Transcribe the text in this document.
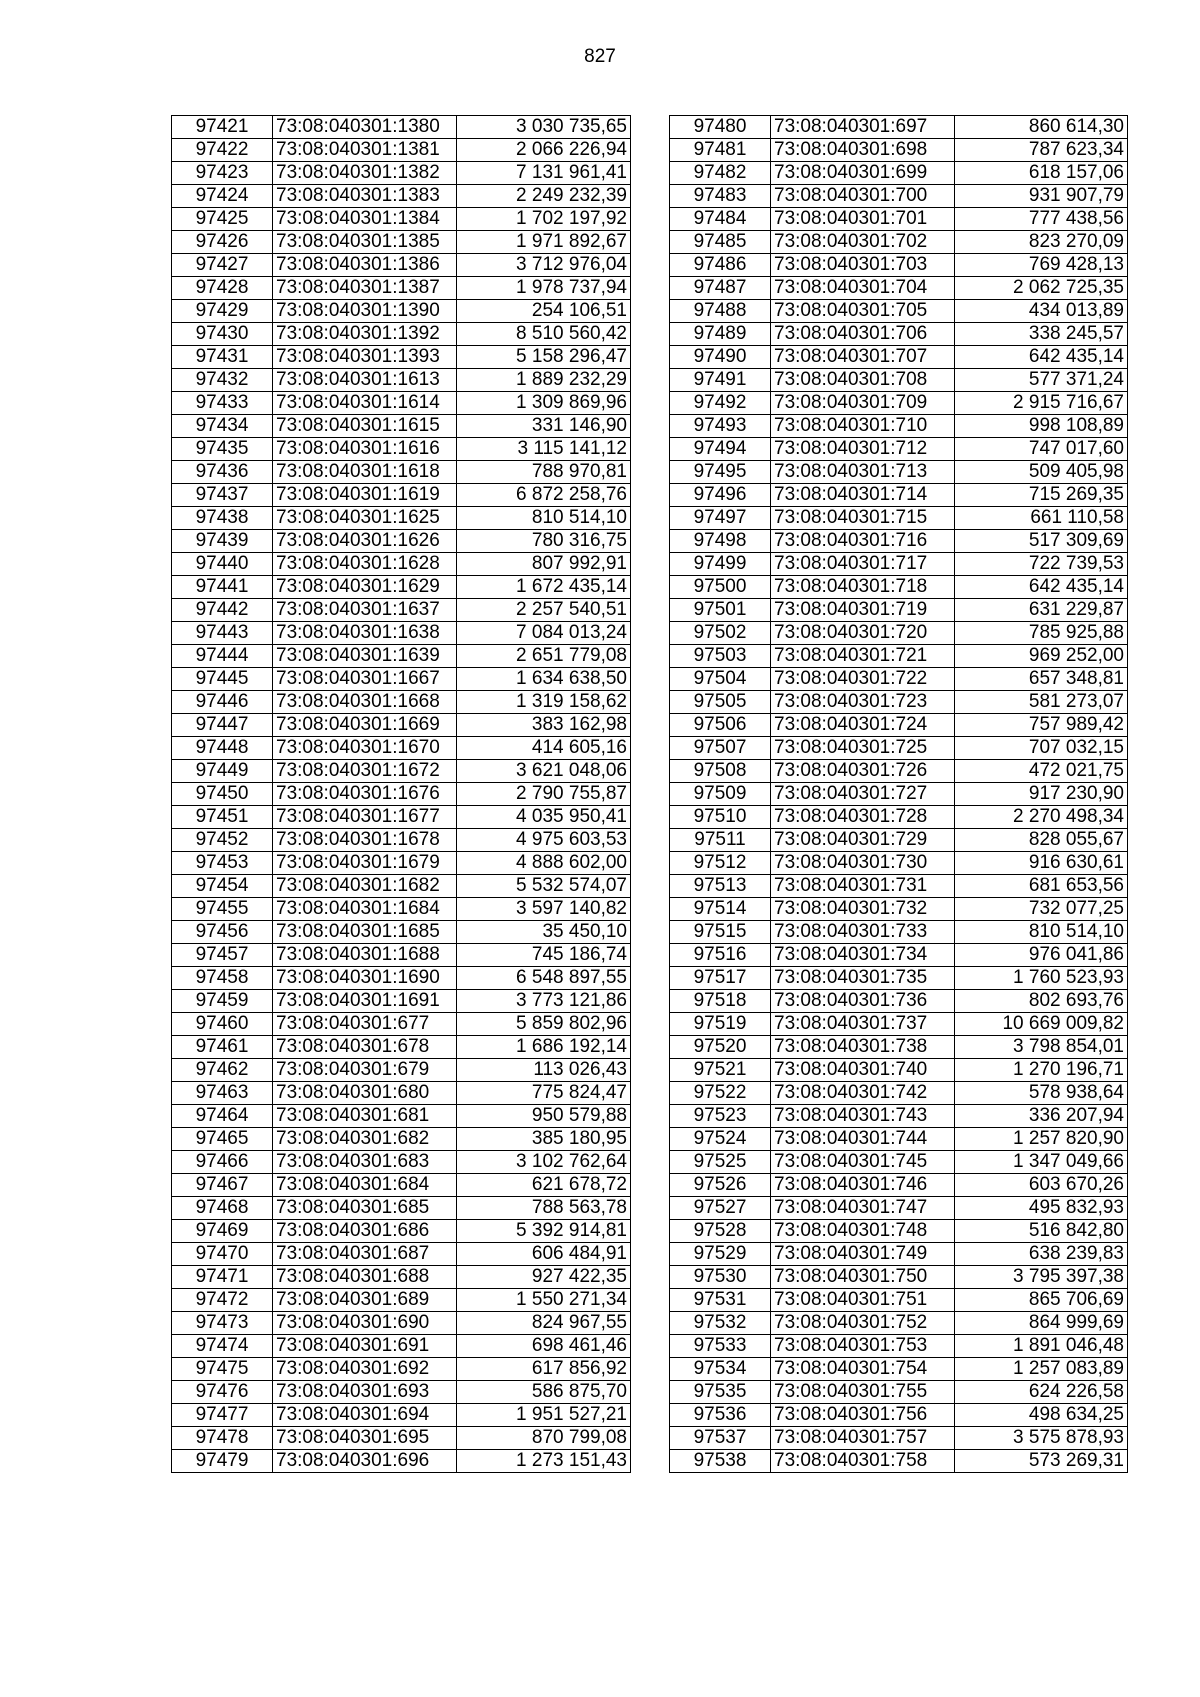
827
97421	73:08:040301:1380	3 030 735,65
97422	73:08:040301:1381	2 066 226,94
97423	73:08:040301:1382	7 131 961,41
97424	73:08:040301:1383	2 249 232,39
97425	73:08:040301:1384	1 702 197,92
97426	73:08:040301:1385	1 971 892,67
97427	73:08:040301:1386	3 712 976,04
97428	73:08:040301:1387	1 978 737,94
97429	73:08:040301:1390	254 106,51
97430	73:08:040301:1392	8 510 560,42
97431	73:08:040301:1393	5 158 296,47
97432	73:08:040301:1613	1 889 232,29
97433	73:08:040301:1614	1 309 869,96
97434	73:08:040301:1615	331 146,90
97435	73:08:040301:1616	3 115 141,12
97436	73:08:040301:1618	788 970,81
97437	73:08:040301:1619	6 872 258,76
97438	73:08:040301:1625	810 514,10
97439	73:08:040301:1626	780 316,75
97440	73:08:040301:1628	807 992,91
97441	73:08:040301:1629	1 672 435,14
97442	73:08:040301:1637	2 257 540,51
97443	73:08:040301:1638	7 084 013,24
97444	73:08:040301:1639	2 651 779,08
97445	73:08:040301:1667	1 634 638,50
97446	73:08:040301:1668	1 319 158,62
97447	73:08:040301:1669	383 162,98
97448	73:08:040301:1670	414 605,16
97449	73:08:040301:1672	3 621 048,06
97450	73:08:040301:1676	2 790 755,87
97451	73:08:040301:1677	4 035 950,41
97452	73:08:040301:1678	4 975 603,53
97453	73:08:040301:1679	4 888 602,00
97454	73:08:040301:1682	5 532 574,07
97455	73:08:040301:1684	3 597 140,82
97456	73:08:040301:1685	35 450,10
97457	73:08:040301:1688	745 186,74
97458	73:08:040301:1690	6 548 897,55
97459	73:08:040301:1691	3 773 121,86
97460	73:08:040301:677	5 859 802,96
97461	73:08:040301:678	1 686 192,14
97462	73:08:040301:679	113 026,43
97463	73:08:040301:680	775 824,47
97464	73:08:040301:681	950 579,88
97465	73:08:040301:682	385 180,95
97466	73:08:040301:683	3 102 762,64
97467	73:08:040301:684	621 678,72
97468	73:08:040301:685	788 563,78
97469	73:08:040301:686	5 392 914,81
97470	73:08:040301:687	606 484,91
97471	73:08:040301:688	927 422,35
97472	73:08:040301:689	1 550 271,34
97473	73:08:040301:690	824 967,55
97474	73:08:040301:691	698 461,46
97475	73:08:040301:692	617 856,92
97476	73:08:040301:693	586 875,70
97477	73:08:040301:694	1 951 527,21
97478	73:08:040301:695	870 799,08
97479	73:08:040301:696	1 273 151,43
97480	73:08:040301:697	860 614,30
97481	73:08:040301:698	787 623,34
97482	73:08:040301:699	618 157,06
97483	73:08:040301:700	931 907,79
97484	73:08:040301:701	777 438,56
97485	73:08:040301:702	823 270,09
97486	73:08:040301:703	769 428,13
97487	73:08:040301:704	2 062 725,35
97488	73:08:040301:705	434 013,89
97489	73:08:040301:706	338 245,57
97490	73:08:040301:707	642 435,14
97491	73:08:040301:708	577 371,24
97492	73:08:040301:709	2 915 716,67
97493	73:08:040301:710	998 108,89
97494	73:08:040301:712	747 017,60
97495	73:08:040301:713	509 405,98
97496	73:08:040301:714	715 269,35
97497	73:08:040301:715	661 110,58
97498	73:08:040301:716	517 309,69
97499	73:08:040301:717	722 739,53
97500	73:08:040301:718	642 435,14
97501	73:08:040301:719	631 229,87
97502	73:08:040301:720	785 925,88
97503	73:08:040301:721	969 252,00
97504	73:08:040301:722	657 348,81
97505	73:08:040301:723	581 273,07
97506	73:08:040301:724	757 989,42
97507	73:08:040301:725	707 032,15
97508	73:08:040301:726	472 021,75
97509	73:08:040301:727	917 230,90
97510	73:08:040301:728	2 270 498,34
97511	73:08:040301:729	828 055,67
97512	73:08:040301:730	916 630,61
97513	73:08:040301:731	681 653,56
97514	73:08:040301:732	732 077,25
97515	73:08:040301:733	810 514,10
97516	73:08:040301:734	976 041,86
97517	73:08:040301:735	1 760 523,93
97518	73:08:040301:736	802 693,76
97519	73:08:040301:737	10 669 009,82
97520	73:08:040301:738	3 798 854,01
97521	73:08:040301:740	1 270 196,71
97522	73:08:040301:742	578 938,64
97523	73:08:040301:743	336 207,94
97524	73:08:040301:744	1 257 820,90
97525	73:08:040301:745	1 347 049,66
97526	73:08:040301:746	603 670,26
97527	73:08:040301:747	495 832,93
97528	73:08:040301:748	516 842,80
97529	73:08:040301:749	638 239,83
97530	73:08:040301:750	3 795 397,38
97531	73:08:040301:751	865 706,69
97532	73:08:040301:752	864 999,69
97533	73:08:040301:753	1 891 046,48
97534	73:08:040301:754	1 257 083,89
97535	73:08:040301:755	624 226,58
97536	73:08:040301:756	498 634,25
97537	73:08:040301:757	3 575 878,93
97538	73:08:040301:758	573 269,31
